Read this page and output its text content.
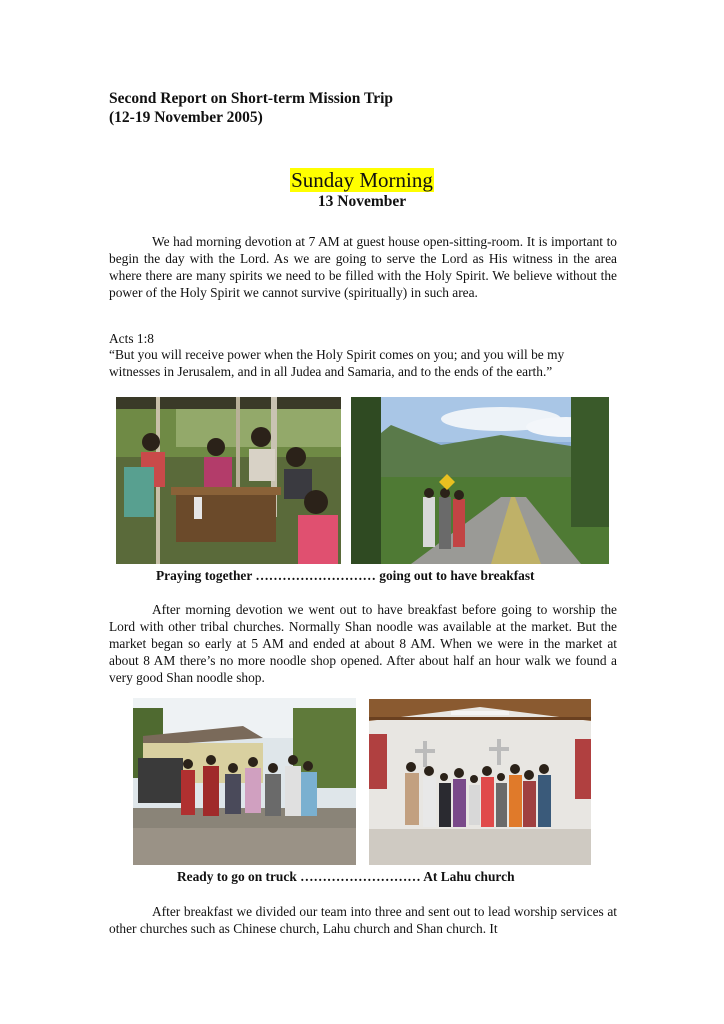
Second Report on Short-term Mission Trip
(12-19 November 2005)
Sunday Morning
13 November
We had morning devotion at 7 AM at guest house open-sitting-room. It is important to begin the day with the Lord. As we are going to serve the Lord as His witness in the area where there are many spirits we need to be filled with the Holy Spirit. We believe without the power of the Holy Spirit we cannot survive (spiritually) in such area.
Acts 1:8
“But you will receive power when the Holy Spirit comes on you; and you will be my witnesses in Jerusalem, and in all Judea and Samaria, and to the ends of the earth.”
Praying together ……………………… going out to have breakfast
After morning devotion we went out to have breakfast before going to worship the Lord with other tribal churches. Normally Shan noodle was available at the market. But the market began so early at 5 AM and ended at about 8 AM. When we were in the market at about 8 AM there’s no more noodle shop opened. After about half an hour walk we found a very good Shan noodle shop.
Ready to go on truck ……………………… At Lahu church
After breakfast we divided our team into three and sent out to lead worship services at other churches such as Chinese church, Lahu church and Shan church. It
